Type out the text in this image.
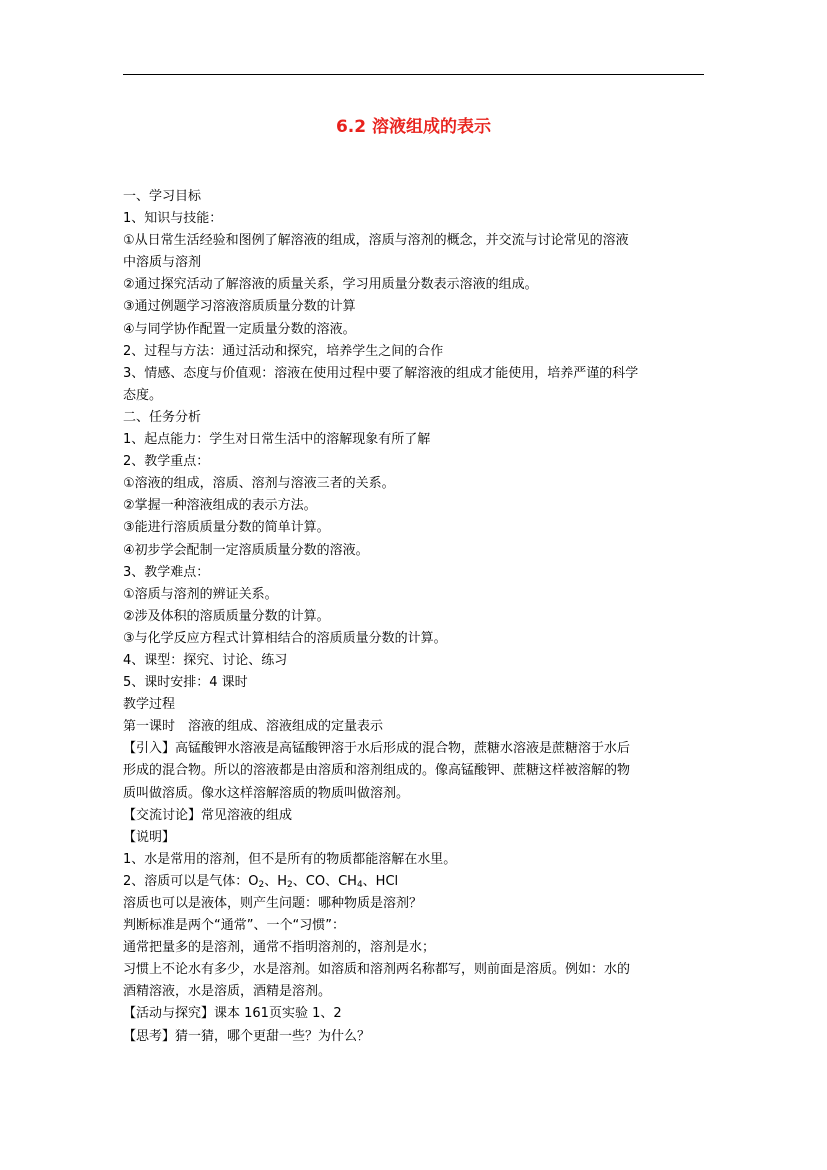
6.2 溶液组成的表示
一、学习目标
1、知识与技能：
①从日常生活经验和图例了解溶液的组成，溶质与溶剂的概念，并交流与讨论常见的溶液
中溶质与溶剂
②通过探究活动了解溶液的质量关系，学习用质量分数表示溶液的组成。
③通过例题学习溶液溶质质量分数的计算
④与同学协作配置一定质量分数的溶液。
2、过程与方法：通过活动和探究，培养学生之间的合作
3、情感、态度与价值观：溶液在使用过程中要了解溶液的组成才能使用，培养严谨的科学
态度。
二、任务分析
1、起点能力：学生对日常生活中的溶解现象有所了解
2、教学重点：
①溶液的组成，溶质、溶剂与溶液三者的关系。
②掌握一种溶液组成的表示方法。
③能进行溶质质量分数的简单计算。
④初步学会配制一定溶质质量分数的溶液。
3、教学难点：
①溶质与溶剂的辨证关系。
②涉及体积的溶质质量分数的计算。
③与化学反应方程式计算相结合的溶质质量分数的计算。
4、课型：探究、讨论、练习
5、课时安排：4 课时
教学过程
第一课时　溶液的组成、溶液组成的定量表示
【引入】高锰酸钾水溶液是高锰酸钾溶于水后形成的混合物，蔗糖水溶液是蔗糖溶于水后
形成的混合物。所以的溶液都是由溶质和溶剂组成的。像高锰酸钾、蔗糖这样被溶解的物
质叫做溶质。像水这样溶解溶质的物质叫做溶剂。
【交流讨论】常见溶液的组成
【说明】
1、水是常用的溶剂，但不是所有的物质都能溶解在水里。
2、溶质可以是气体：$O_2$、$H_2$、CO、$CH_4$、HCl
溶质也可以是液体，则产生问题：哪种物质是溶剂？
判断标准是两个“通常”、一个“习惯”：
通常把量多的是溶剂，通常不指明溶剂的，溶剂是水；
习惯上不论水有多少，水是溶剂。如溶质和溶剂两名称都写，则前面是溶质。例如：水的
酒精溶液，水是溶质，酒精是溶剂。
【活动与探究】课本 161页实验 1、2
【思考】猜一猜，哪个更甜一些？为什么？
